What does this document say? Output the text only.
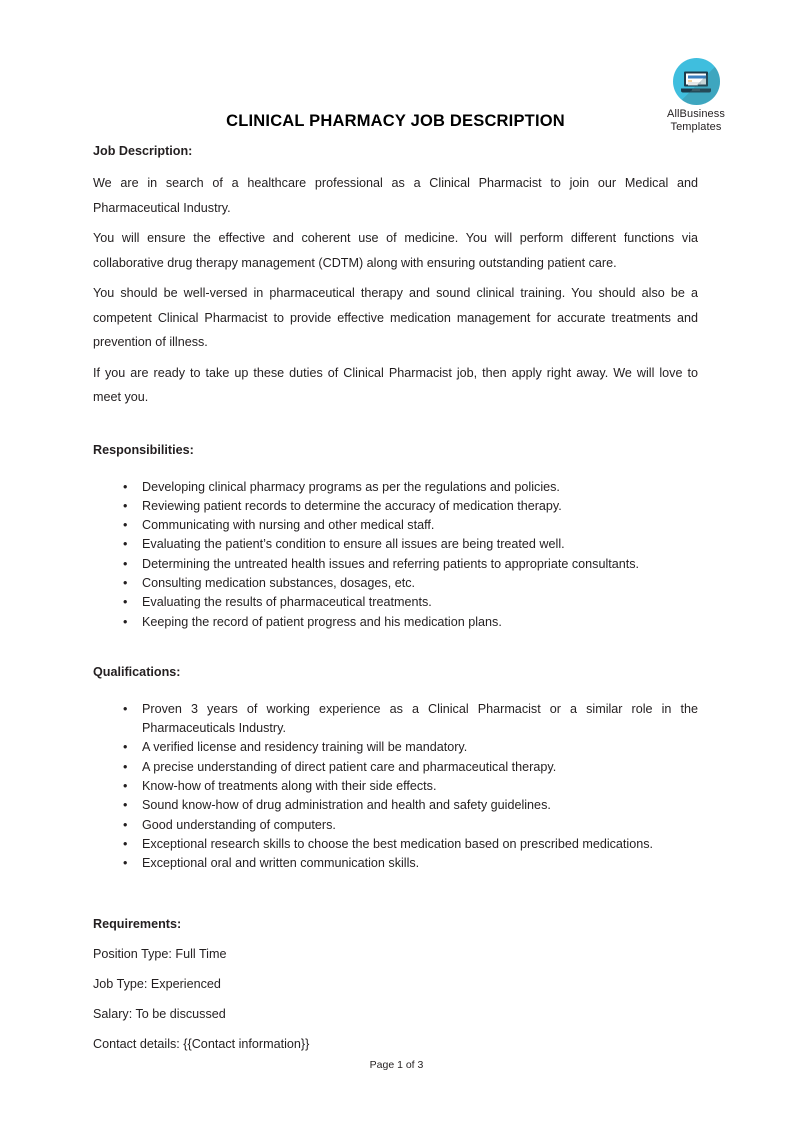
AllBusiness
Templates
CLINICAL PHARMACY JOB DESCRIPTION
Job Description:

We are in search of a healthcare professional as a Clinical Pharmacist to join our Medical and Pharmaceutical Industry.

You will ensure the effective and coherent use of medicine. You will perform different functions via collaborative drug therapy management (CDTM) along with ensuring outstanding patient care.

You should be well-versed in pharmaceutical therapy and sound clinical training. You should also be a competent Clinical Pharmacist to provide effective medication management for accurate treatments and prevention of illness.

If you are ready to take up these duties of Clinical Pharmacist job, then apply right away. We will love to meet you.

Responsibilities:
• Developing clinical pharmacy programs as per the regulations and policies.
• Reviewing patient records to determine the accuracy of medication therapy.
• Communicating with nursing and other medical staff.
• Evaluating the patient’s condition to ensure all issues are being treated well.
• Determining the untreated health issues and referring patients to appropriate consultants.
• Consulting medication substances, dosages, etc.
• Evaluating the results of pharmaceutical treatments.
• Keeping the record of patient progress and his medication plans.
Qualifications:
• Proven 3 years of working experience as a Clinical Pharmacist or a similar role in the Pharmaceuticals Industry.
• A verified license and residency training will be mandatory.
• A precise understanding of direct patient care and pharmaceutical therapy.
• Know-how of treatments along with their side effects.
• Sound know-how of drug administration and health and safety guidelines.
• Good understanding of computers.
• Exceptional research skills to choose the best medication based on prescribed medications.
• Exceptional oral and written communication skills.
Requirements:
Position Type: Full Time
Job Type: Experienced
Salary: To be discussed
Contact details: {{Contact information}}
Page 1 of 3
